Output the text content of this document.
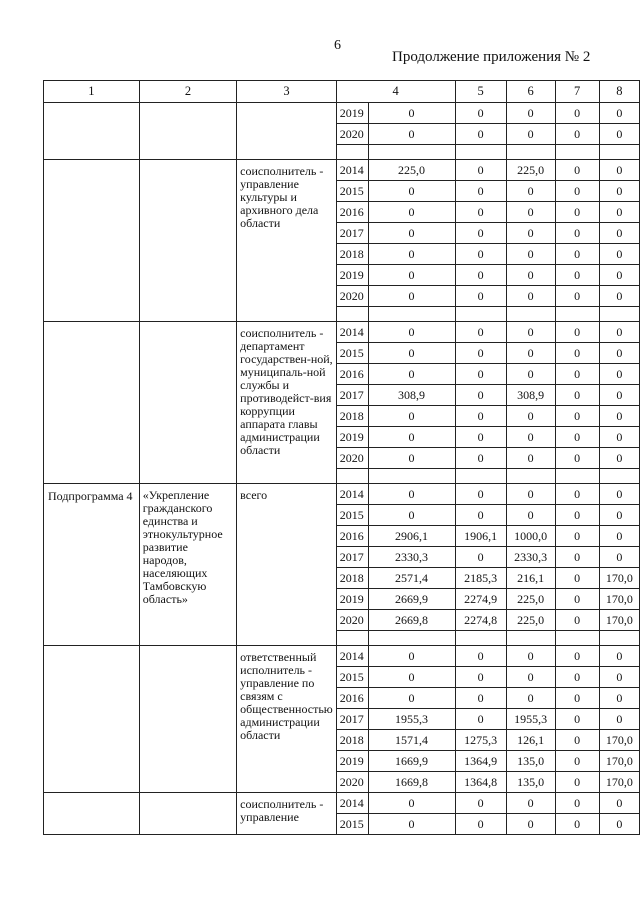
6
Продолжение приложения № 2
1	2	3	4		5	6	7	8
			2019	0	0	0	0	0
			2020	0	0	0	0	0

		соисполнитель - управление культуры и архивного дела области	2014	225,0	0	225,0	0	0
			2015	0	0	0	0	0
			2016	0	0	0	0	0
			2017	0	0	0	0	0
			2018	0	0	0	0	0
			2019	0	0	0	0	0
			2020	0	0	0	0	0

		соисполнитель - департамент государствен-ной, муниципаль-ной службы и противодейст-вия коррупции аппарата главы администрации области	2014	0	0	0	0	0
			2015	0	0	0	0	0
			2016	0	0	0	0	0
			2017	308,9	0	308,9	0	0
			2018	0	0	0	0	0
			2019	0	0	0	0	0
			2020	0	0	0	0	0

Подпрограмма 4	«Укрепление гражданского единства и этнокультурное развитие народов, населяющих Тамбовскую область»	всего	2014	0	0	0	0	0
			2015	0	0	0	0	0
			2016	2906,1	1906,1	1000,0	0	0
			2017	2330,3	0	2330,3	0	0
			2018	2571,4	2185,3	216,1	0	170,0
			2019	2669,9	2274,9	225,0	0	170,0
			2020	2669,8	2274,8	225,0	0	170,0

		ответственный исполнитель - управление по связям с общественностью администрации области	2014	0	0	0	0	0
			2015	0	0	0	0	0
			2016	0	0	0	0	0
			2017	1955,3	0	1955,3	0	0
			2018	1571,4	1275,3	126,1	0	170,0
			2019	1669,9	1364,9	135,0	0	170,0
			2020	1669,8	1364,8	135,0	0	170,0
		соисполнитель - управление	2014	0	0	0	0	0
			2015	0	0	0	0	0
